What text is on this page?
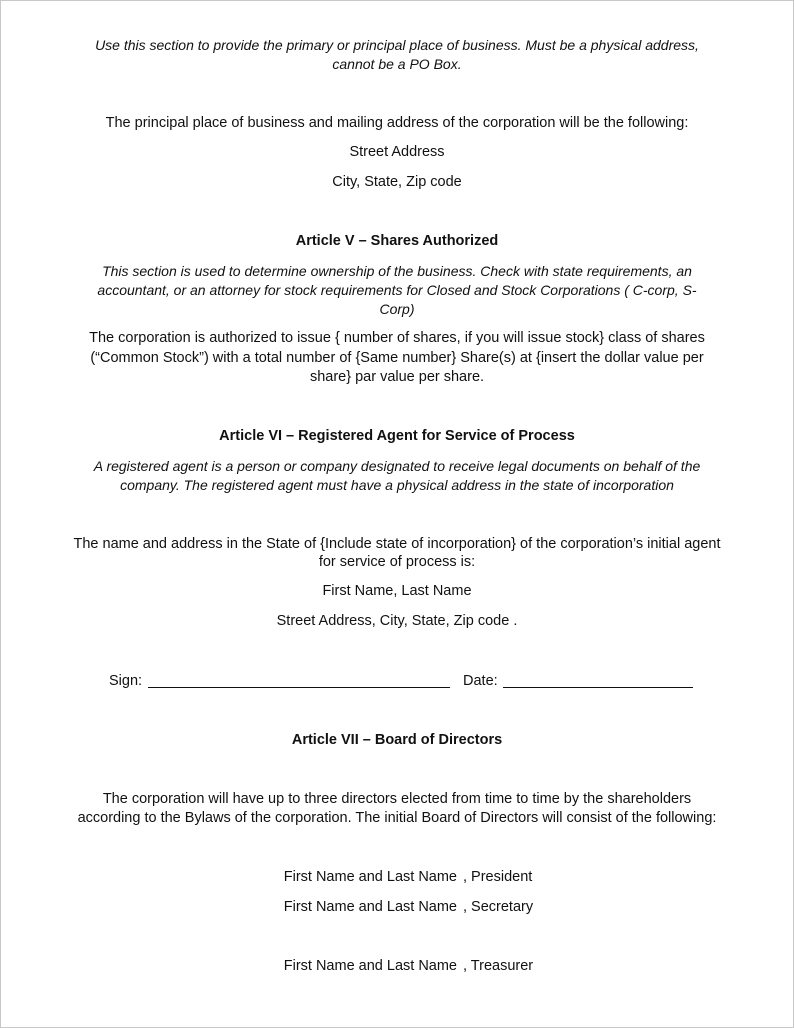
Use this section to provide the primary or principal place of business. Must be a physical address,
cannot be a PO Box.
The principal place of business and mailing address of the corporation will be the following:
Street Address
City, State, Zip code
Article V – Shares Authorized
This section is used to determine ownership of the business. Check with state requirements, an
accountant, or an attorney for stock requirements for Closed and Stock Corporations ( C-corp, S-
Corp)
The corporation is authorized to issue { number of shares, if you will issue stock} class of shares
(“Common Stock”) with a total number of {Same number} Share(s) at {insert the dollar value per
share} par value per share.
Article VI – Registered Agent for Service of Process
A registered agent is a person or company designated to receive legal documents on behalf of the
company. The registered agent must have a physical address in the state of incorporation
The name and address in the State of {Include state of incorporation} of the corporation’s initial agent
for service of process is:
First Name, Last Name
Street Address, City, State, Zip code .
Sign:	Date:
Article VII – Board of Directors
The corporation will have up to three directors elected from time to time by the shareholders
according to the Bylaws of the corporation. The initial Board of Directors will consist of the following:
First Name and Last Name , President
First Name and Last Name , Secretary
First Name and Last Name , Treasurer
